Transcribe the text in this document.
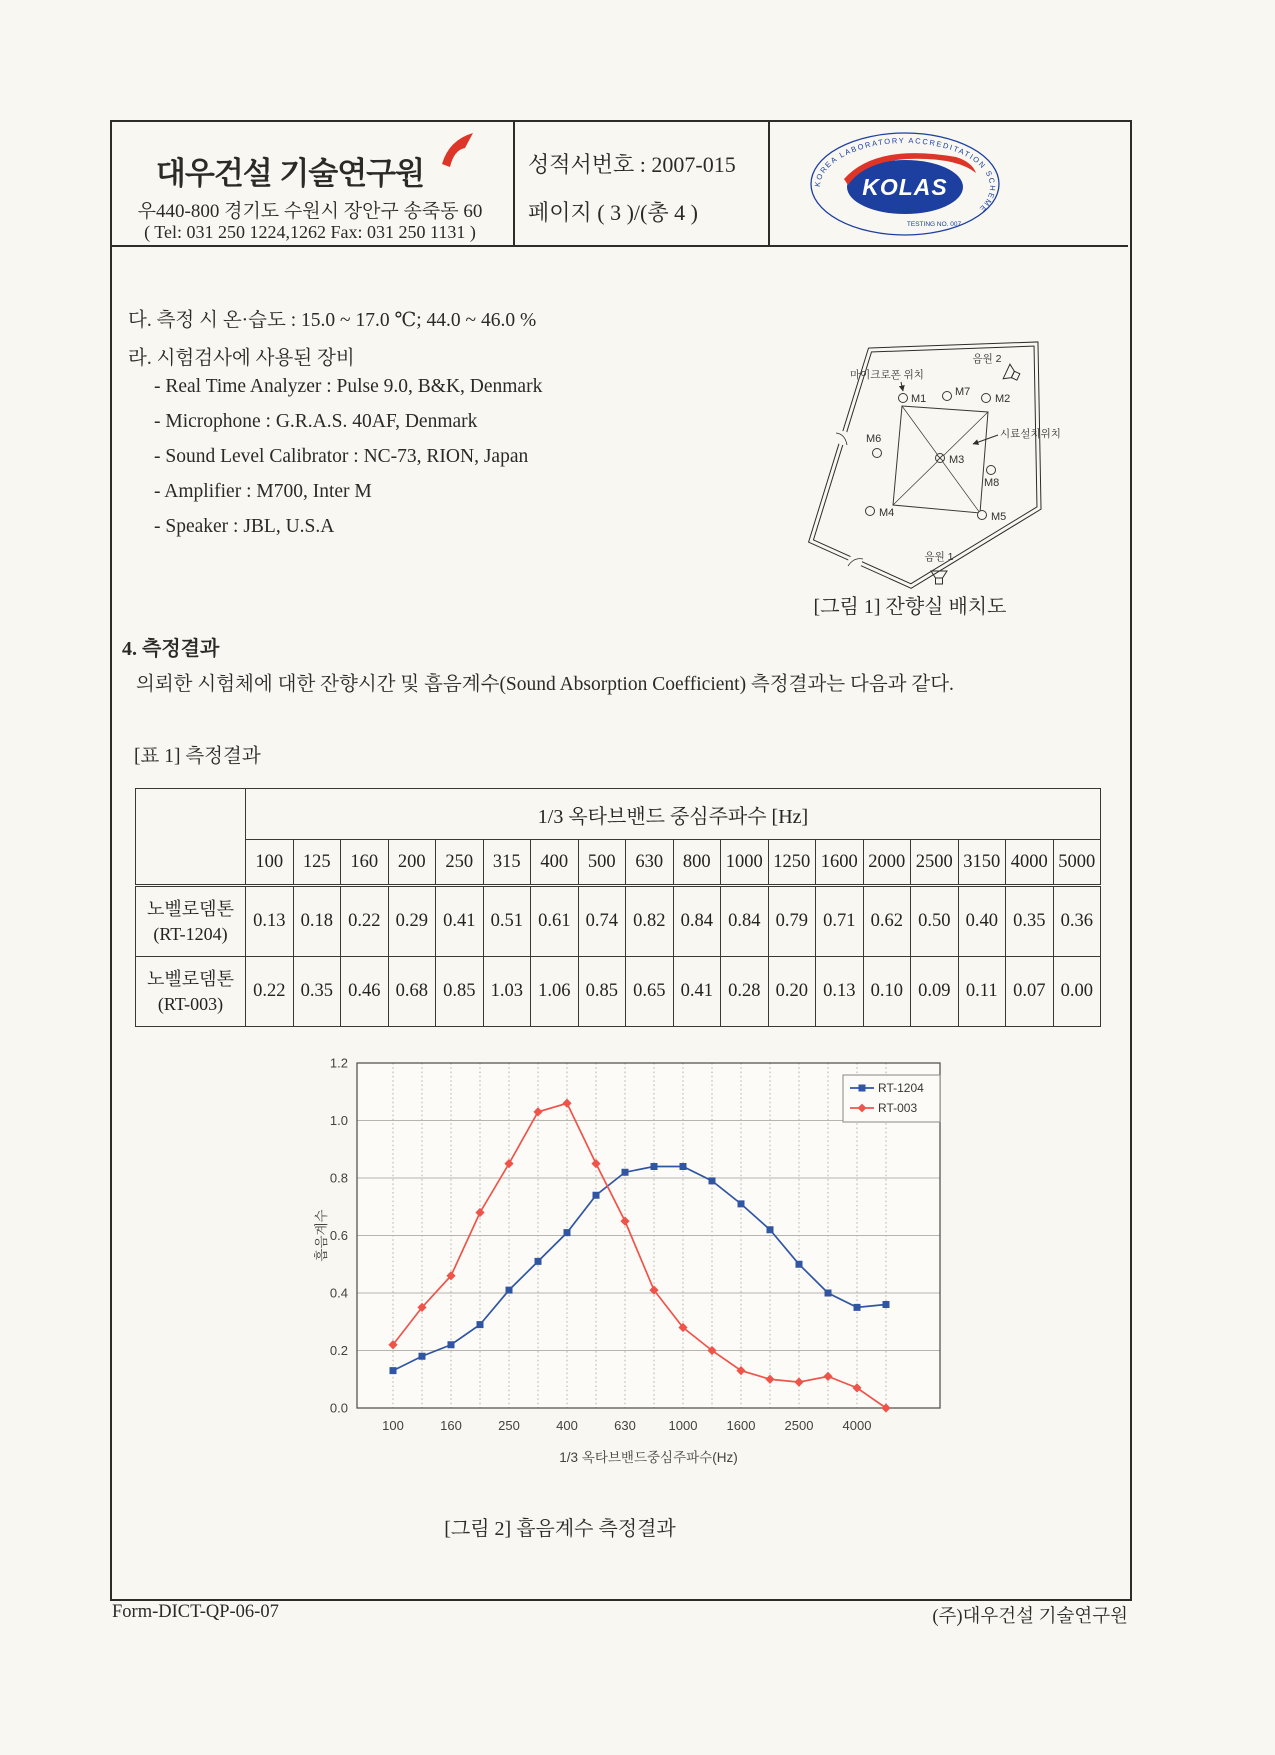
대우건설 기술연구원
우440-800 경기도 수원시 장안구 송죽동 60
( Tel: 031 250 1224,1262 Fax: 031 250 1131 )
성적서번호 : 2007-015
페이지 ( 3 )/(총 4 )
KOREA LABORATORY ACCREDITATION SCHEME
KOLAS
TESTING NO. 007
다. 측정 시 온·습도 : 15.0 ~ 17.0 ℃; 44.0 ~ 46.0 %
라. 시험검사에 사용된 장비
- Real Time Analyzer : Pulse 9.0, B&K, Denmark
- Microphone : G.R.A.S. 40AF, Denmark
- Sound Level Calibrator : NC-73, RION, Japan
- Amplifier : M700, Inter M
- Speaker : JBL, U.S.A
M1
M7
M2
M6
M3
M8
M4	M5
마이크로폰 위치
시료설치위치
음원 2
음원 1
[그림 1] 잔향실 배치도
4. 측정결과
의뢰한 시험체에 대한 잔향시간 및 흡음계수(Sound Absorption Coefficient) 측정결과는 다음과 같다.
[표 1] 측정결과
	1/3 옥타브밴드 중심주파수 [Hz]																	
	100	125	160	200	250	315	400	500	630	800	1000	1250	1600	2000	2500	3150	4000	5000

노벨로뎀톤
(RT-1204)	0.13	0.18	0.22	0.29	0.41	0.51	0.61	0.74	0.82	0.84	0.84	0.79	0.71	0.62	0.50	0.40	0.35	0.36

노벨로뎀톤
(RT-003)	0.22	0.35	0.46	0.68	0.85	1.03	1.06	0.85	0.65	0.41	0.28	0.20	0.13	0.10	0.09	0.11	0.07	0.00
0.0
0.2
0.4
0.6
0.8
1.0
1.2
100	160	250	400	630	1000 1600 2500 4000
흡음계수
1/3 옥타브밴드중심주파수(Hz)
RT-1204
RT-003
[그림 2] 흡음계수 측정결과
Form-DICT-QP-06-07	(주)대우건설 기술연구원
